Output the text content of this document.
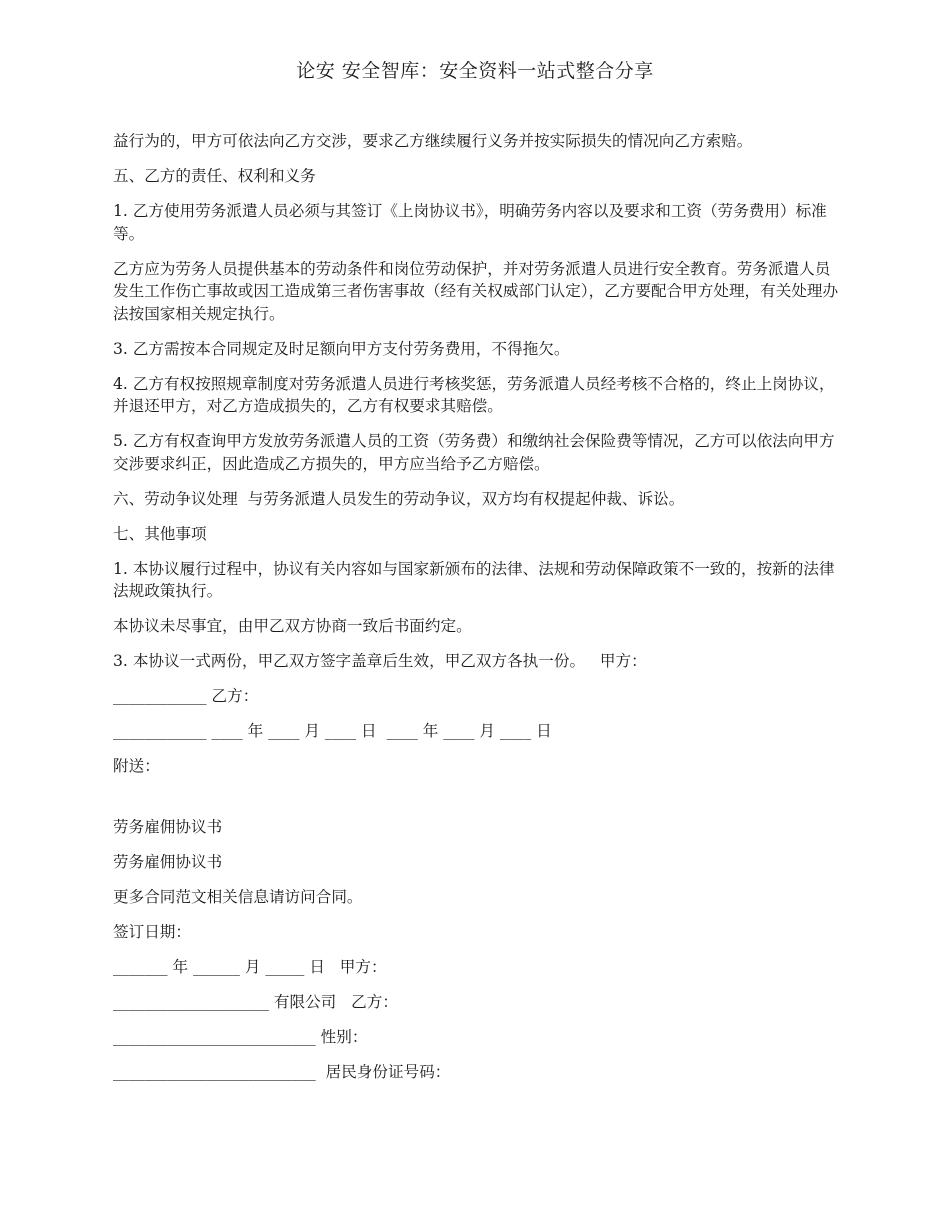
论安 安全智库：安全资料一站式整合分享
益行为的，甲方可依法向乙方交涉，要求乙方继续履行义务并按实际损失的情况向乙方索赔。
五、乙方的责任、权利和义务
1. 乙方使用劳务派遣人员必须与其签订《上岗协议书》，明确劳务内容以及要求和工资（劳务费用）标准等。
乙方应为劳务人员提供基本的劳动条件和岗位劳动保护，并对劳务派遣人员进行安全教育。劳务派遣人员发生工作伤亡事故或因工造成第三者伤害事故（经有关权威部门认定），乙方要配合甲方处理，有关处理办法按国家相关规定执行。
3. 乙方需按本合同规定及时足额向甲方支付劳务费用，不得拖欠。
4. 乙方有权按照规章制度对劳务派遣人员进行考核奖惩，劳务派遣人员经考核不合格的，终止上岗协议，并退还甲方，对乙方造成损失的，乙方有权要求其赔偿。
5. 乙方有权查询甲方发放劳务派遣人员的工资（劳务费）和缴纳社会保险费等情况，乙方可以依法向甲方交涉要求纠正，因此造成乙方损失的，甲方应当给予乙方赔偿。
六、劳动争议处理  与劳务派遣人员发生的劳动争议，双方均有权提起仲裁、诉讼。
七、其他事项
1. 本协议履行过程中，协议有关内容如与国家新颁布的法律、法规和劳动保障政策不一致的，按新的法律法规政策执行。
本协议未尽事宜，由甲乙双方协商一致后书面约定。
3. 本协议一式两份，甲乙双方签字盖章后生效，甲乙双方各执一份。   甲方：
____________ 乙方：
____________ ____ 年 ____ 月 ____ 日  ____ 年 ____ 月 ____ 日
附送：
劳务雇佣协议书
劳务雇佣协议书
更多合同范文相关信息请访问合同。
签订日期：
_______ 年 ______ 月 _____ 日   甲方：
____________________ 有限公司   乙方：
__________________________ 性别：
__________________________  居民身份证号码：
